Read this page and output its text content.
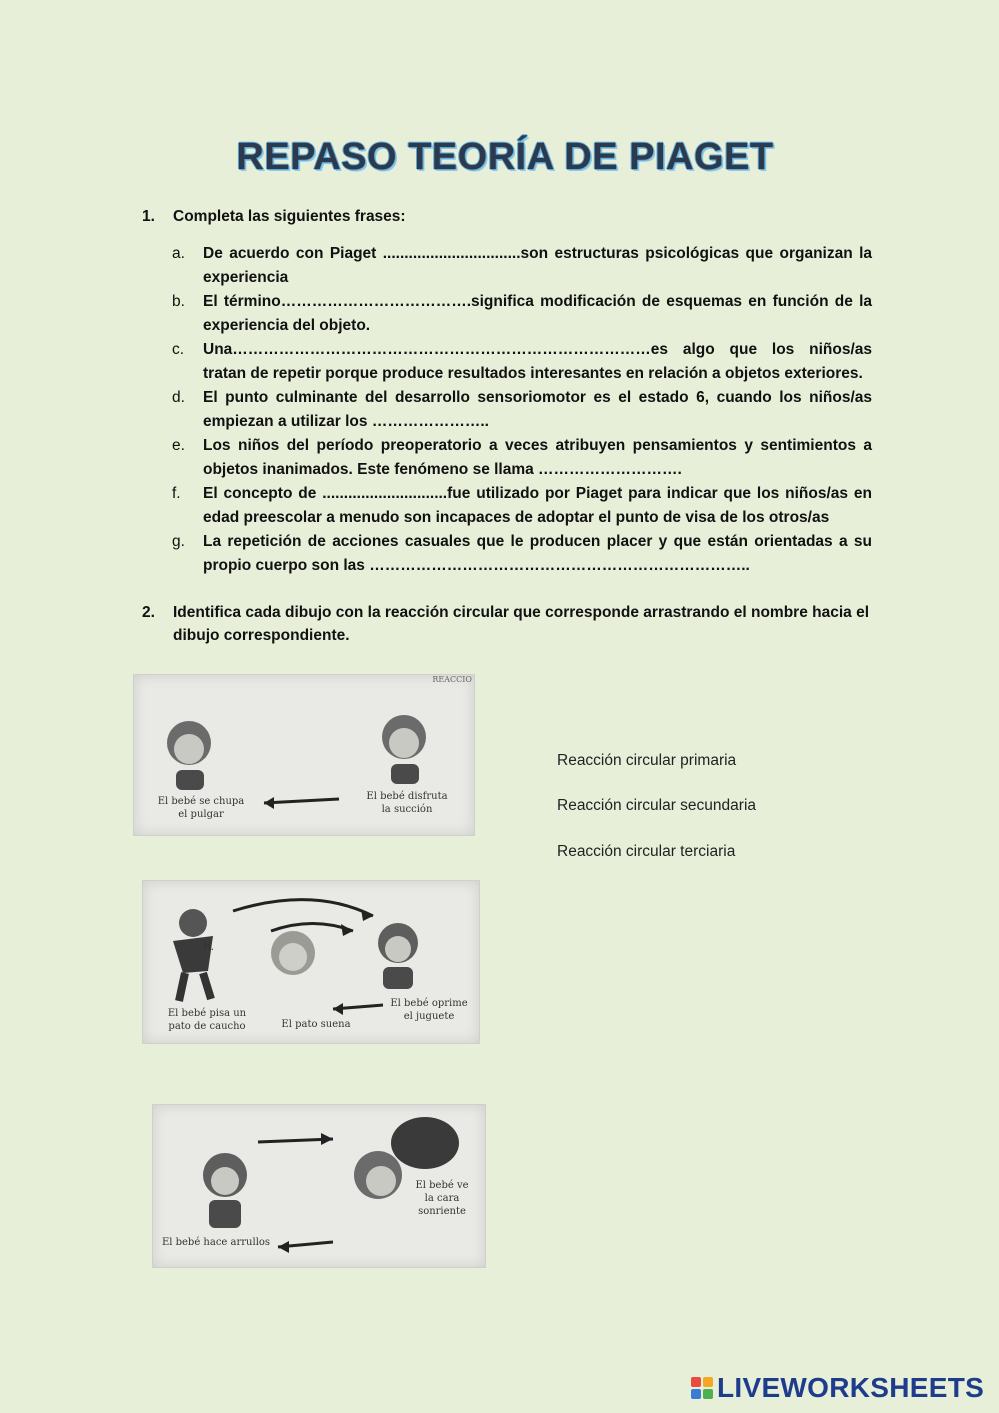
REPASO TEORÍA DE PIAGET
1. Completa las siguientes frases:
a. De acuerdo con Piaget ................................son estructuras psicológicas que organizan la experiencia
b. El término……………………………….significa modificación de esquemas en función de la experiencia del objeto.
c. Una………………………………………………………………………es algo que los niños/as tratan de repetir porque produce resultados interesantes en relación a objetos exteriores.
d. El punto culminante del desarrollo sensoriomotor es el estado 6, cuando los niños/as empiezan a utilizar los …………………..
e. Los niños del período preoperatorio a veces atribuyen pensamientos y sentimientos a objetos inanimados. Este fenómeno se llama ……………………….
f. El concepto de .............................fue utilizado por Piaget para indicar que los niños/as en edad preescolar a menudo son incapaces de adoptar el punto de visa de los otros/as
g. La repetición de acciones casuales que le producen placer y que están orientadas a su propio cuerpo son las ………………………………………………………………..
2. Identifica cada dibujo con la reacción circular que corresponde arrastrando el nombre hacia el dibujo correspondiente.
REACCIO
El bebé se chupa el pulgar
El bebé disfruta la succión
h.
El bebé pisa un pato de caucho	El pato suena
El bebé oprime el juguete
El bebé hace arrullos
El bebé ve la cara sonriente
Reacción circular primaria
Reacción circular secundaria
Reacción circular terciaria
LIVEWORKSHEETS
